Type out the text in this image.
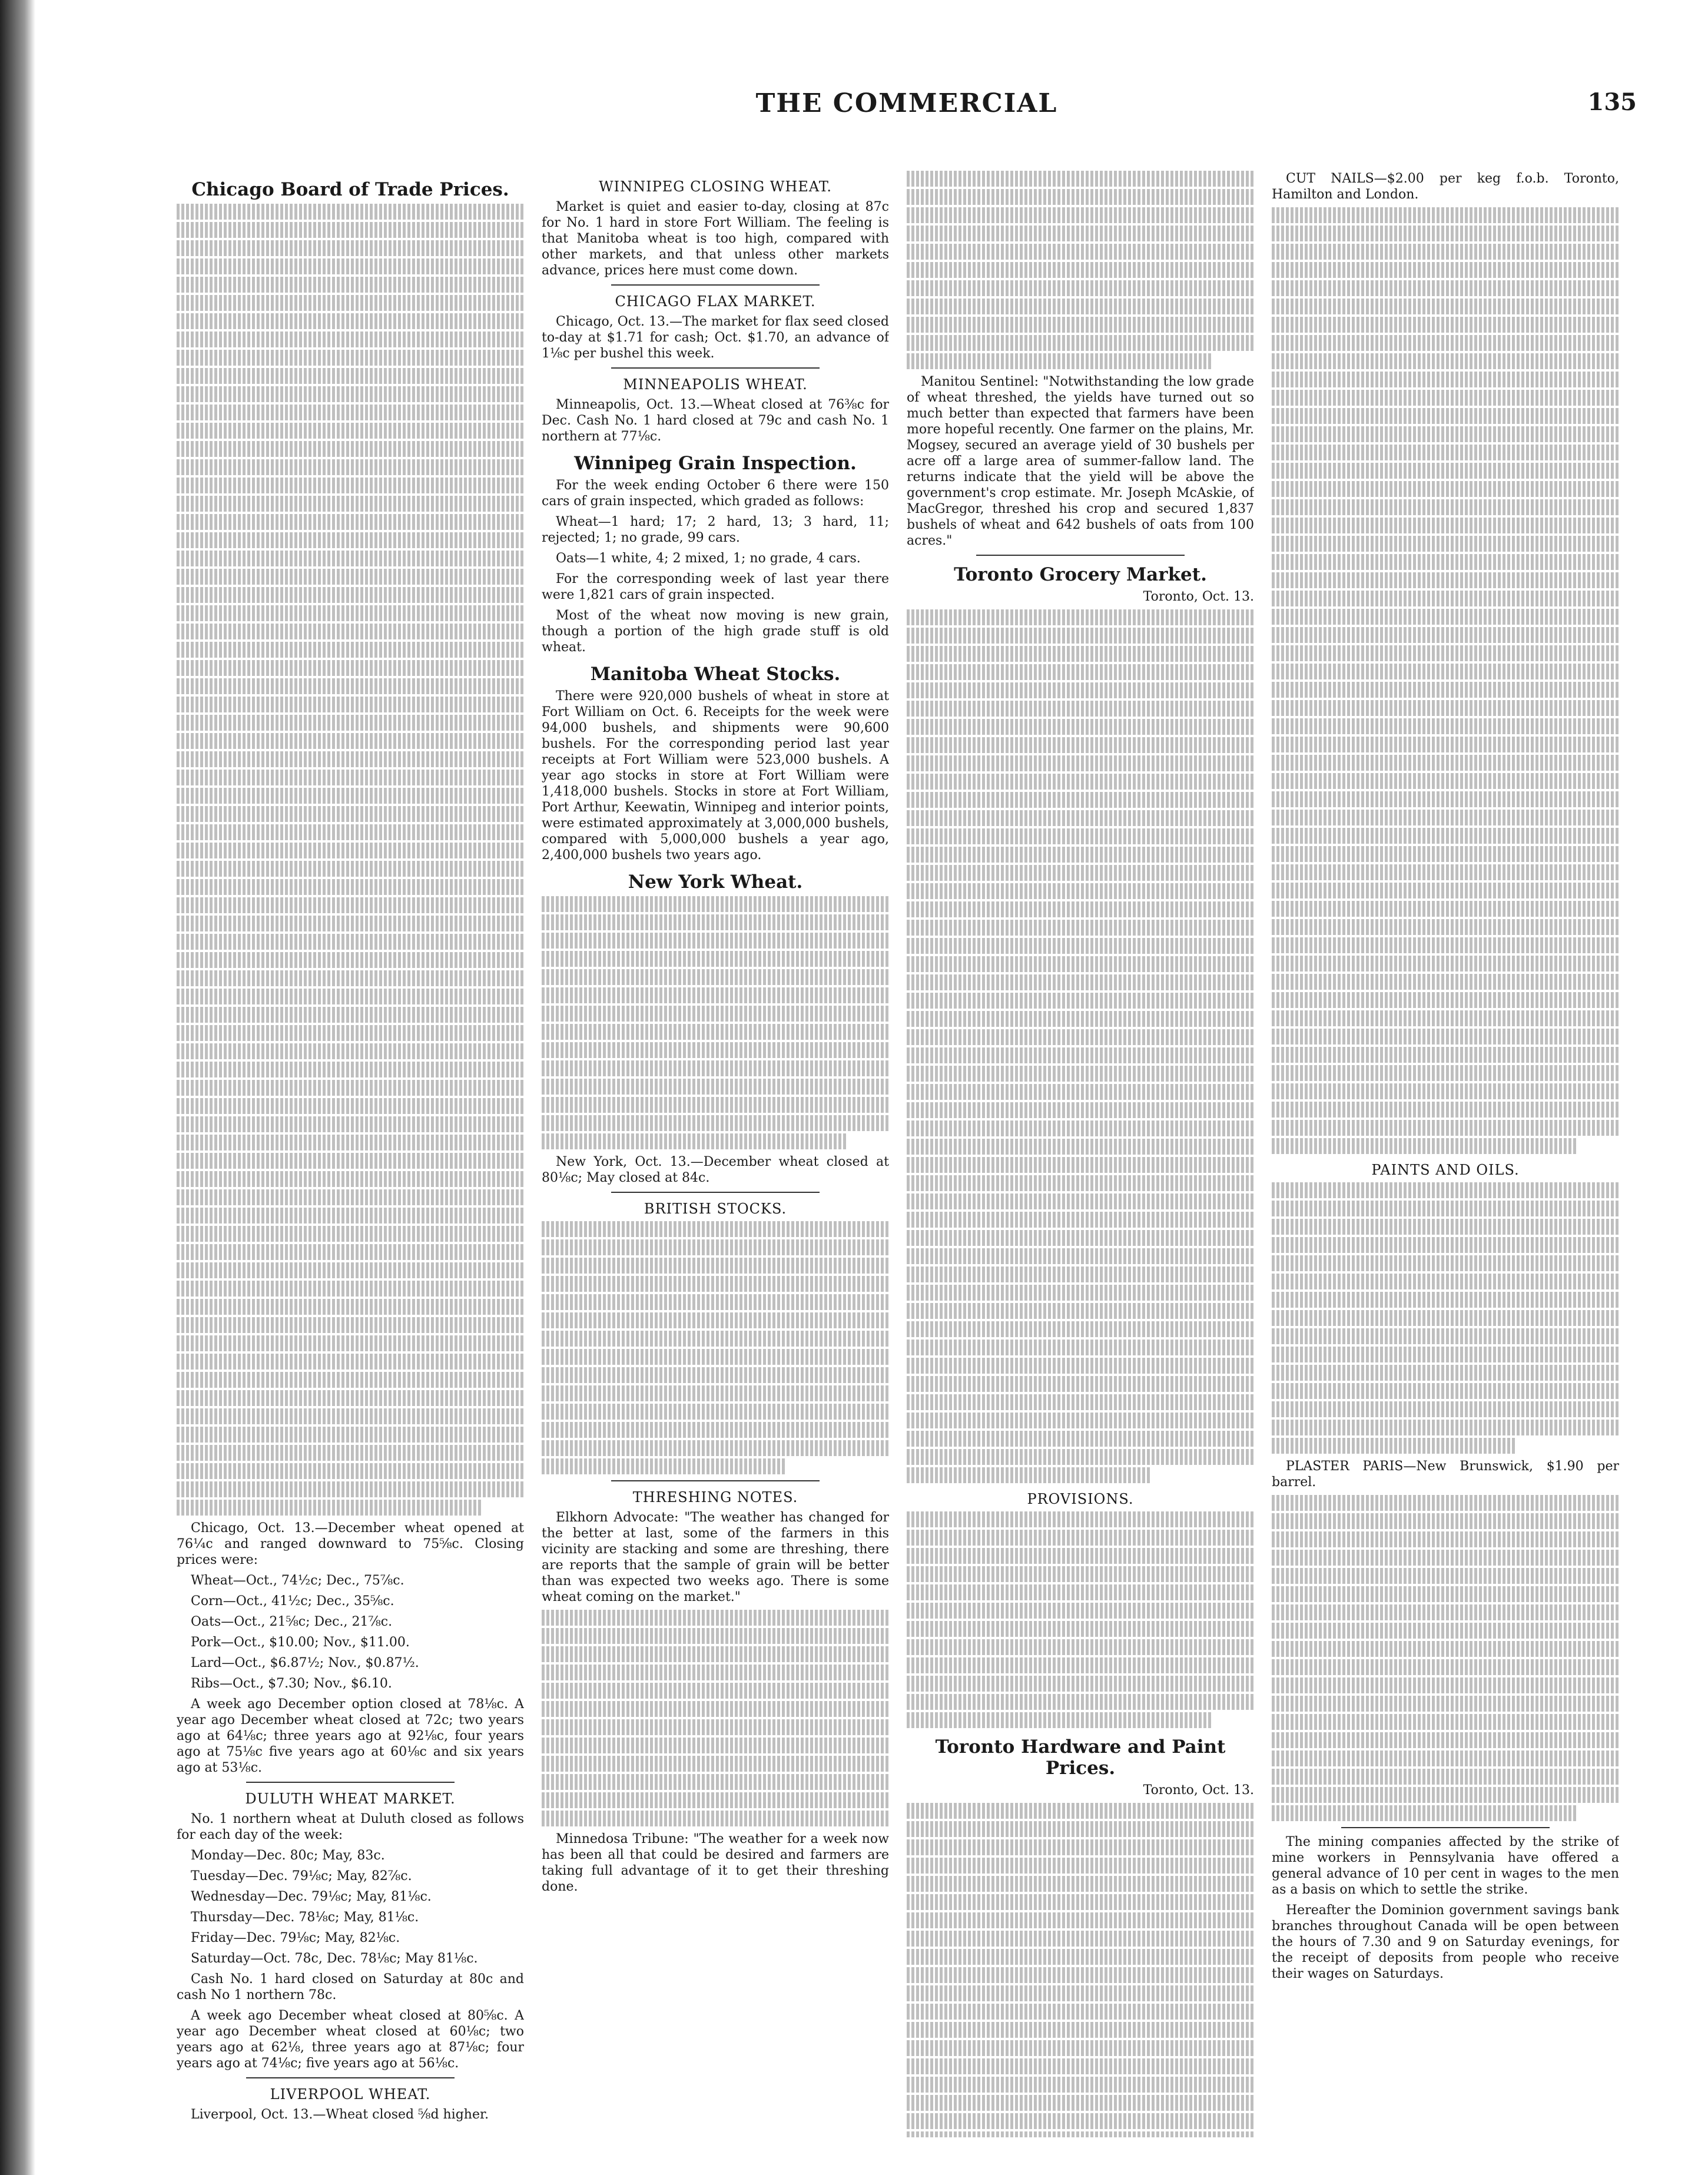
THE COMMERCIAL	135
Chicago Board of Trade Prices.

Chicago, Oct. 13.—December wheat opened at 76¼c and ranged downward to 75⅝c. Closing prices were:

Wheat—Oct., 74½c; Dec., 75⅞c.

Corn—Oct., 41½c; Dec., 35⅝c.

Oats—Oct., 21⅝c; Dec., 21⅞c.

Pork—Oct., $10.00; Nov., $11.00.

Lard—Oct., $6.87½; Nov., $0.87½.

Ribs—Oct., $7.30; Nov., $6.10.

A week ago December option closed at 78⅛c. A year ago December wheat closed at 72c; two years ago at 64⅛c; three years ago at 92⅛c, four years ago at 75⅛c five years ago at 60⅛c and six years ago at 53⅛c.

DULUTH WHEAT MARKET.

No. 1 northern wheat at Duluth closed as follows for each day of the week:

Monday—Dec. 80c; May, 83c.

Tuesday—Dec. 79⅛c; May, 82⅞c.

Wednesday—Dec. 79⅛c; May, 81⅛c.

Thursday—Dec. 78⅛c; May, 81⅛c.

Friday—Dec. 79⅛c; May, 82⅛c.

Saturday—Oct. 78c, Dec. 78⅛c; May 81⅛c.

Cash No. 1 hard closed on Saturday at 80c and cash No 1 northern 78c.

A week ago December wheat closed at 80⅝c. A year ago December wheat closed at 60⅛c; two years ago at 62⅛, three years ago at 87⅛c; four years ago at 74⅛c; five years ago at 56⅛c.

LIVERPOOL WHEAT.

Liverpool, Oct. 13.—Wheat closed ⅝d higher.

WINNIPEG CLOSING WHEAT.

Market is quiet and easier to-day, closing at 87c for No. 1 hard in store Fort William. The feeling is that Manitoba wheat is too high, compared with other markets, and that unless other markets advance, prices here must come down.

CHICAGO FLAX MARKET.

Chicago, Oct. 13.—The market for flax seed closed to-day at $1.71 for cash; Oct. $1.70, an advance of 1⅛c per bushel this week.

MINNEAPOLIS WHEAT.

Minneapolis, Oct. 13.—Wheat closed at 76⅜c for Dec. Cash No. 1 hard closed at 79c and cash No. 1 northern at 77⅛c.

Winnipeg Grain Inspection.

For the week ending October 6 there were 150 cars of grain inspected, which graded as follows:

Wheat—1 hard; 17; 2 hard, 13; 3 hard, 11; rejected; 1; no grade, 99 cars.

Oats—1 white, 4; 2 mixed, 1; no grade, 4 cars.

For the corresponding week of last year there were 1,821 cars of grain inspected.

Most of the wheat now moving is new grain, though a portion of the high grade stuff is old wheat.

Manitoba Wheat Stocks.

There were 920,000 bushels of wheat in store at Fort William on Oct. 6. Receipts for the week were 94,000 bushels, and shipments were 90,600 bushels. For the corresponding period last year receipts at Fort William were 523,000 bushels. A year ago stocks in store at Fort William were 1,418,000 bushels. Stocks in store at Fort William, Port Arthur, Keewatin, Winnipeg and interior points, were estimated approximately at 3,000,000 bushels, compared with 5,000,000 bushels a year ago, 2,400,000 bushels two years ago.

New York Wheat.

New York, Oct. 13.—December wheat closed at 80⅛c; May closed at 84c.

BRITISH STOCKS.
THRESHING NOTES.

Elkhorn Advocate: "The weather has changed for the better at last, some of the farmers in this vicinity are stacking and some are threshing, there are reports that the sample of grain will be better than was expected two weeks ago. There is some wheat coming on the market."

Minnedosa Tribune: "The weather for a week now has been all that could be desired and farmers are taking full advantage of it to get their threshing done.

Manitou Sentinel: "Notwithstanding the low grade of wheat threshed, the yields have turned out so much better than expected that farmers have been more hopeful recently. One farmer on the plains, Mr. Mogsey, secured an average yield of 30 bushels per acre off a large area of summer-fallow land. The returns indicate that the yield will be above the government's crop estimate. Mr. Joseph McAskie, of MacGregor, threshed his crop and secured 1,837 bushels of wheat and 642 bushels of oats from 100 acres."

Toronto Grocery Market.

Toronto, Oct. 13.

PROVISIONS.
Toronto Hardware and Paint Prices.

Toronto, Oct. 13.

CUT NAILS—$2.00 per keg f.o.b. Toronto, Hamilton and London.

PAINTS AND OILS.

PLASTER PARIS—New Brunswick, $1.90 per barrel.

The mining companies affected by the strike of mine workers in Pennsylvania have offered a general advance of 10 per cent in wages to the men as a basis on which to settle the strike.

Hereafter the Dominion government savings bank branches throughout Canada will be open between the hours of 7.30 and 9 on Saturday evenings, for the receipt of deposits from people who receive their wages on Saturdays.
